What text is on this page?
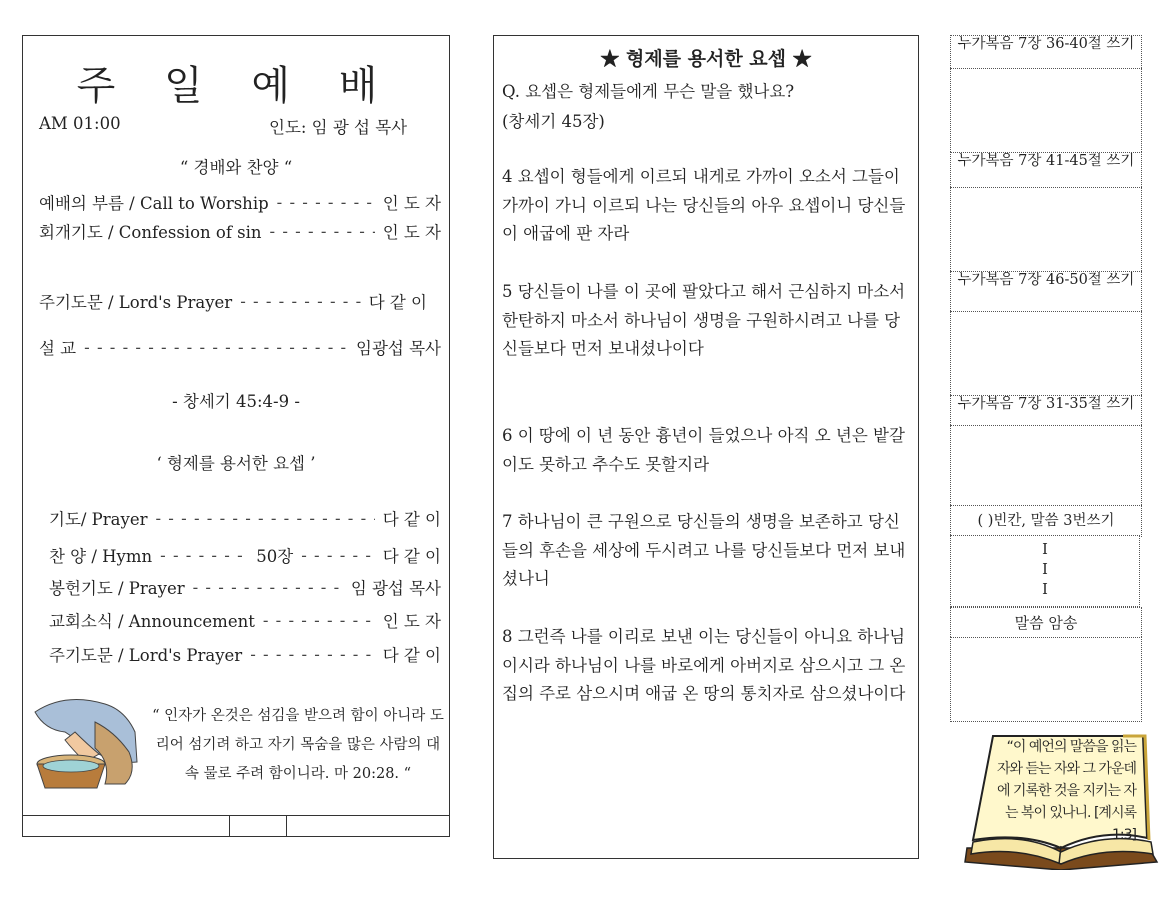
주 일 예 배
AM 01:00	인도: 임 광 섭 목사
“ 경배와 찬양 “
예배의 부름 / Call to Worship - - -	인 도 자
회개기도 / Confession of sin - - -	인 도 자
주기도문 / Lord's Prayer - - -	다 같 이
설 교 - - -	임광섭 목사
- 창세기 45:4-9 -
‘ 형제를 용서한 요셉 ’
기도/ Prayer - - -	다 같 이
찬 양 / Hymn - - -	50장 - - -	다 같 이
봉헌기도 / Prayer - - -	임 광섭 목사
교회소식 / Announcement - - -	인 도 자
주기도문 / Lord's Prayer - - -	다 같 이
“ 인자가 온것은 섬김을 받으려 함이 아니라 도리어 섬기려 하고 자기 목숨을 많은 사람의 대속 물로 주려 함이니라. 마 20:28. “
★ 형제를 용서한 요셉 ★
Q. 요셉은 형제들에게 무슨 말을 했나요?
(창세기 45장)
4 요셉이 형들에게 이르되 내게로 가까이 오소서 그들이 가까이 가니 이르되 나는 당신들의 아우 요셉이니 당신들이 애굽에 판 자라
5 당신들이 나를 이 곳에 팔았다고 해서 근심하지 마소서 한탄하지 마소서 하나님이 생명을 구원하시려고 나를 당신들보다 먼저 보내셨나이다
6 이 땅에 이 년 동안 흉년이 들었으나 아직 오 년은 밭갈이도 못하고 추수도 못할지라
7 하나님이 큰 구원으로 당신들의 생명을 보존하고 당신들의 후손을 세상에 두시려고 나를 당신들보다 먼저 보내셨나니
8 그런즉 나를 이리로 보낸 이는 당신들이 아니요 하나님이시라 하나님이 나를 바로에게 아버지로 삼으시고 그 온 집의 주로 삼으시며 애굽 온 땅의 통치자로 삼으셨나이다
누가복음 7장 36-40절 쓰기
누가복음 7장 41-45절 쓰기
누가복음 7장 46-50절 쓰기
누가복음 7장 31-35절 쓰기
( )빈칸, 말씀 3번쓰기
I
I
I
말씀 암송
“이 예언의 말씀을 읽는 자와 듣는 자와 그 가운데에 기록한 것을 지키는 자는 복이 있나니. [계시록 1:3]
